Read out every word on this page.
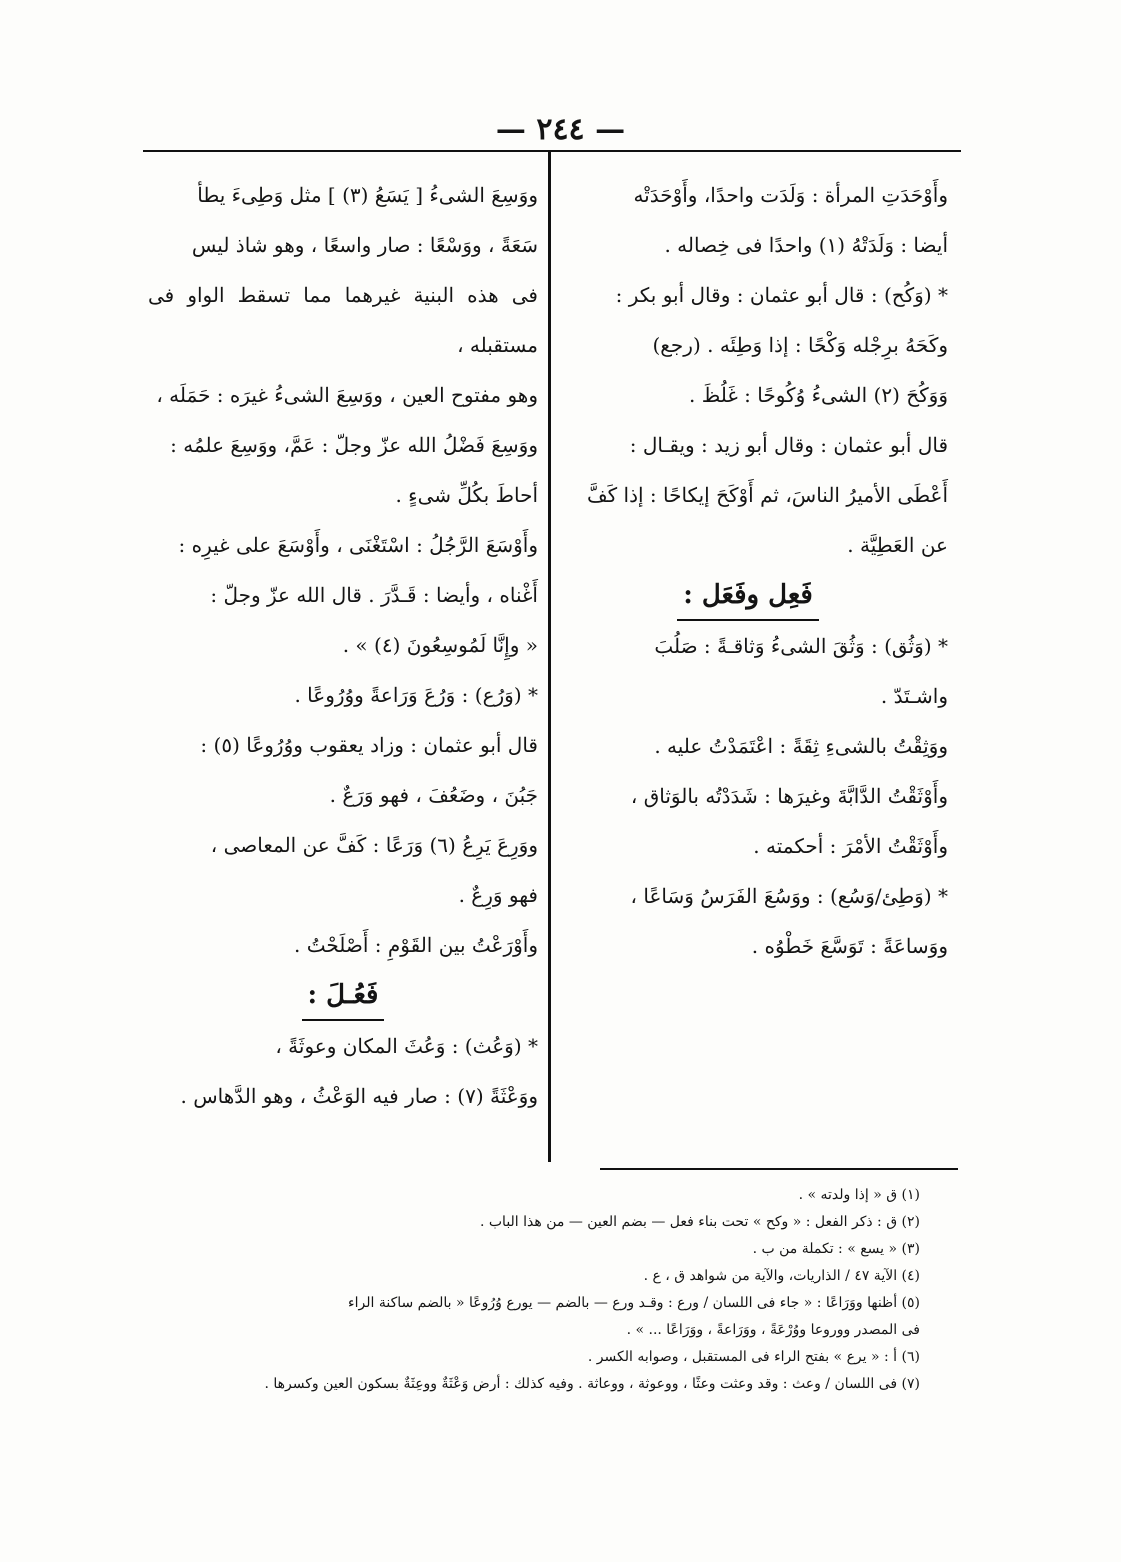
— ٢٤٤ —

وأَوْحَدَتِ المرأة : وَلَدَت واحدًا، وأَوْحَدَتْه

أيضا : وَلَدَتْهُ (١) واحدًا فى خِصاله .

* (وَكُح) : قال أبو عثمان : وقال أبو بكر :

وكَحَهُ برِجْله وَكْحًا : إذا وَطِئَه . (رجع)

وَوَكُحَ (٢) الشىءُ وُكُوحًا : غَلُظَ .

قال أبو عثمان : وقال أبو زيد : ويقـال :

أَعْطَى الأميرُ الناسَ، ثم أَوْكَحَ إيكاحًا : إذا كَفَّ

عن العَطِيَّة .

فَعِل وفَعَل :

* (وَثُق) : وَثُقَ الشىءُ وَثاقـةً : صَلُبَ

واشـتَدّ .

ووَثِقْتُ بالشىءِ ثِقَةً : اعْتَمَدْتُ عليه .

وأَوْثَقْتُ الدَّابَّةَ وغيرَها : شَدَدْتُه بالوَثاق ،

وأَوْثَقْتُ الأمْرَ : أحكمته .

* (وَطِئ/وَسُع) : ووَسُعَ الفَرَسُ وَسَاعًا ،

ووَساعَةً : تَوَسَّعَ خَطْوُه .

ووَسِعَ الشىءُ [ يَسَعُ (٣) ] مثل وَطِىءَ يطأ

سَعَةً ، ووَسْعًا : صار واسعًا ، وهو شاذ ليس

فى هذه البنية غيرهما مما تسقط الواو فى مستقبله ،

وهو مفتوح العين ، ووَسِعَ الشىءُ غيرَه : حَمَلَه ،

ووَسِعَ فَضْلُ الله عزّ وجلّ : عَمَّ، ووَسِعَ علمُه :

أحاطَ بكُلِّ شىءٍ .

وأَوْسَعَ الرَّجُلُ : اسْتَغْنَى ، وأَوْسَعَ على غيرِه :

أَغْناه ، وأيضا : قَـدَّرَ . قال الله عزّ وجلّ :

« وإِنَّا لَمُوسِعُونَ (٤) » .

* (وَرُع) : وَرُعَ وَرَاعةً ووُرُوعًا .

قال أبو عثمان : وزاد يعقوب ووُرُوعًا (٥) :

جَبُنَ ، وضَعُفَ ، فهو وَرَعٌ .

ووَرِعَ يَرِعُ (٦) وَرَعًا : كَفَّ عن المعاصى ،

فهو وَرِعٌ .

وأَوْرَعْتُ بين القَوْمِ : أَصْلَحْتُ .

فَعُـلَ :

* (وَعُث) : وَعُثَ المكان وعوثَةً ،

ووَعْثَةً (٧) : صار فيه الوَعْثُ ، وهو الدَّهاس .

(١) ق « إذا ولدته » .

(٢) ق : ذكر الفعل : « وكح » تحت بناء فعل — بضم العين — من هذا الباب .

(٣) « يسع » : تكملة من ب .

(٤) الآية ٤٧ / الذاريات، والآية من شواهد ق ، ع .

(٥) أظنها ووَرَاعًا : « جاء فى اللسان / ورع : وقـد ورع — بالضم — يورع وُرُوعًا « بالضم ساكنة الراء

فى المصدر ووروعا ووُرْعَةً ، ووَرَاعةً ، ووَرَاعًا ... » .

(٦) أ : « يرع » بفتح الراء فى المستقبل ، وصوابه الكسر .

(٧) فى اللسان / وعث : وقد وعثت وعثًا ، ووعوثة ، ووعاثة . وفيه كذلك : أرض وَعْثَةٌ ووعِثَةٌ بسكون العين وكسرها .
